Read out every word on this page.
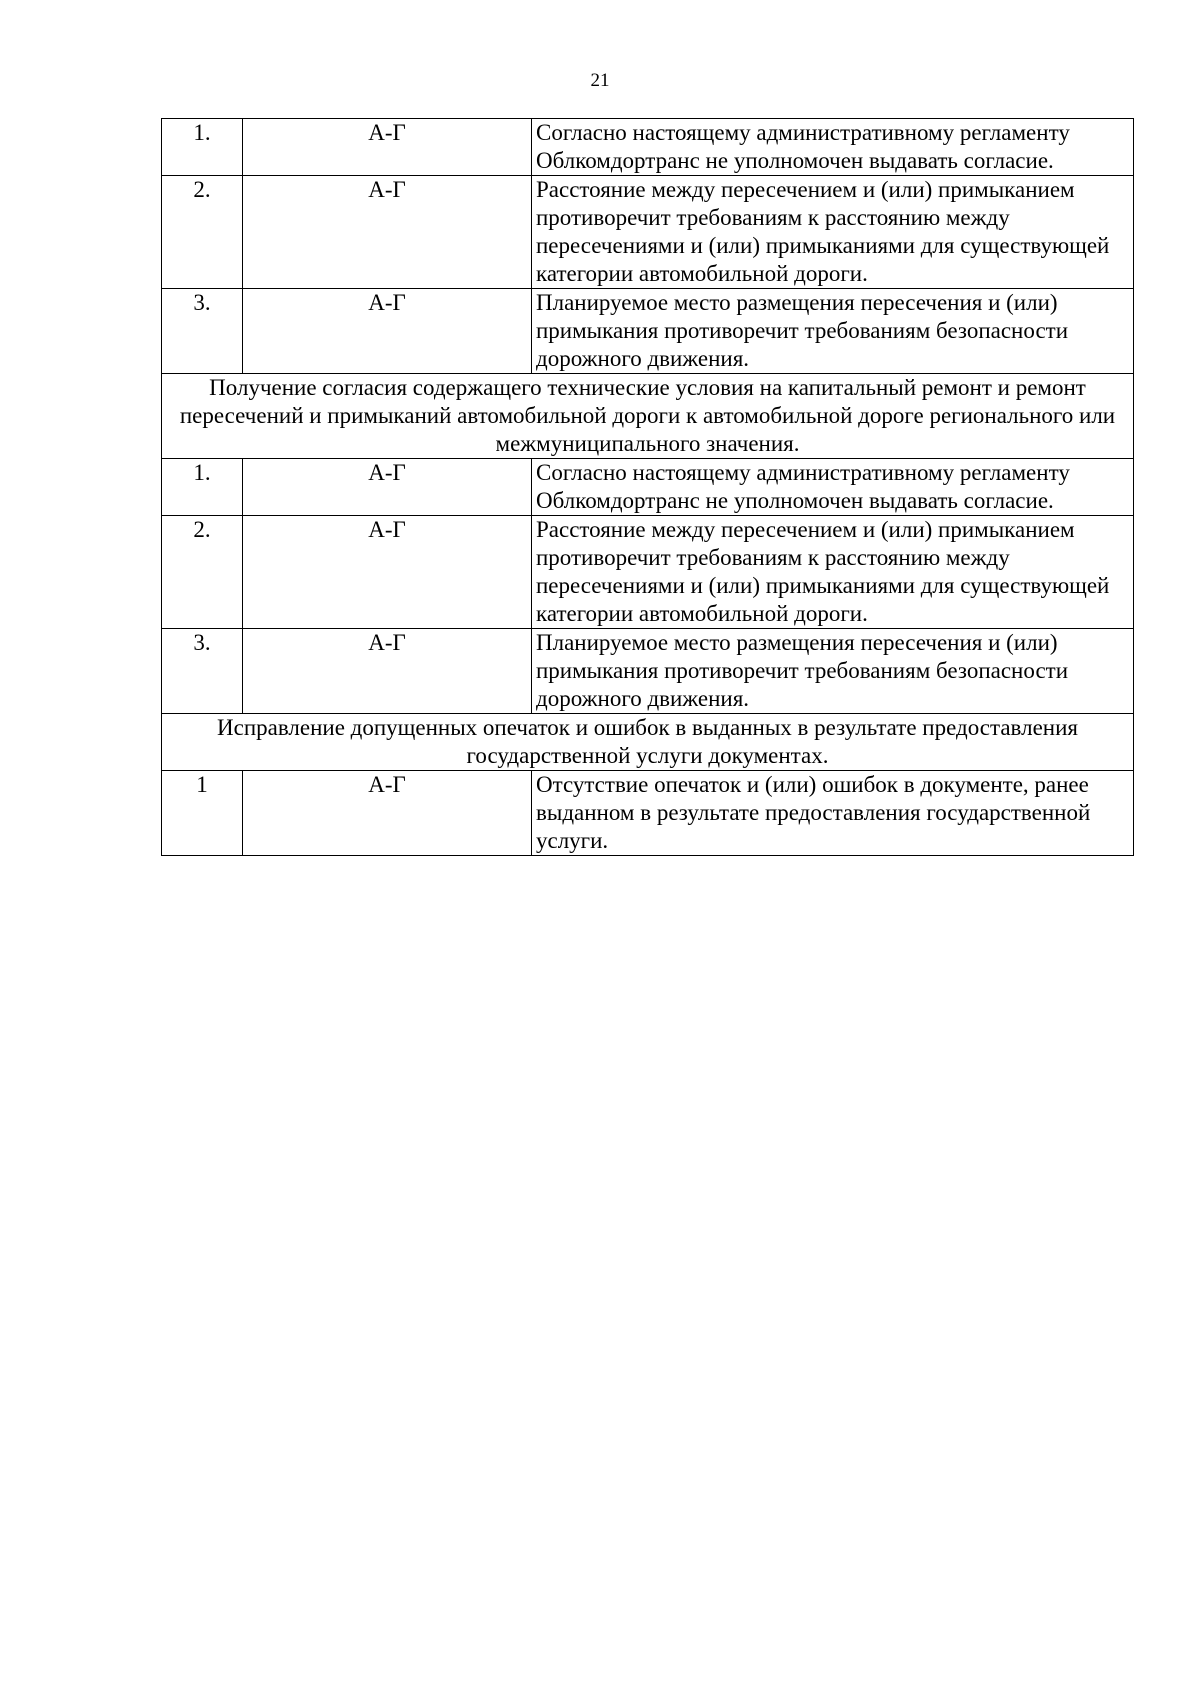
21
1.	А-Г	Согласно настоящему административному регламенту Облкомдортранс не уполномочен выдавать согласие.
2.	А-Г	Расстояние между пересечением и (или) примыканием противоречит требованиям к расстоянию между пересечениями и (или) примыканиями для существующей категории автомобильной дороги.
3.	А-Г	Планируемое место размещения пересечения и (или) примыкания противоречит требованиям безопасности дорожного движения.
Получение согласия содержащего технические условия на капитальный ремонт и ремонт пересечений и примыканий автомобильной дороги к автомобильной дороге регионального или межмуниципального значения.		
1.	А-Г	Согласно настоящему административному регламенту Облкомдортранс не уполномочен выдавать согласие.
2.	А-Г	Расстояние между пересечением и (или) примыканием противоречит требованиям к расстоянию между пересечениями и (или) примыканиями для существующей категории автомобильной дороги.
3.	А-Г	Планируемое место размещения пересечения и (или) примыкания противоречит требованиям безопасности дорожного движения.
Исправление допущенных опечаток и ошибок в выданных в результате предоставления государственной услуги документах.		
1	А-Г	Отсутствие опечаток и (или) ошибок в документе, ранее выданном в результате предоставления государственной услуги.
